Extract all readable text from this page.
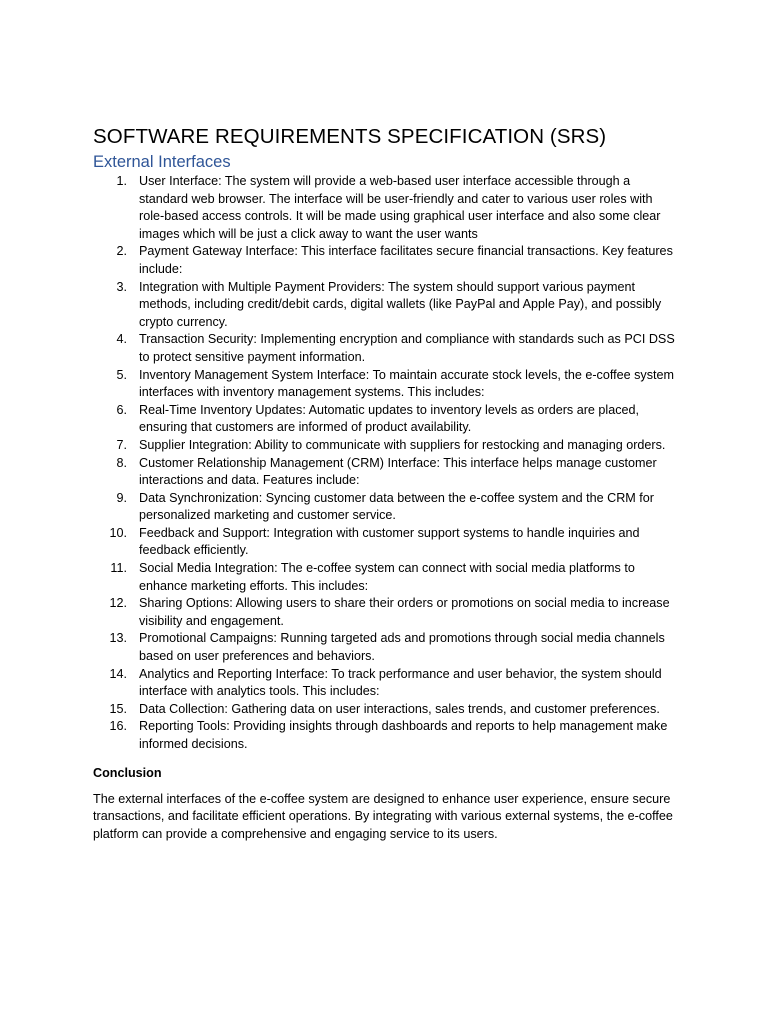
SOFTWARE REQUIREMENTS SPECIFICATION (SRS)
External Interfaces
1. User Interface: The system will provide a web-based user interface accessible through a standard web browser. The interface will be user-friendly and cater to various user roles with role-based access controls. It will be made using graphical user interface and also some clear images which will be just a click away to want the user wants
2. Payment Gateway Interface: This interface facilitates secure financial transactions. Key features include:
3. Integration with Multiple Payment Providers: The system should support various payment methods, including credit/debit cards, digital wallets (like PayPal and Apple Pay), and possibly crypto currency.
4. Transaction Security: Implementing encryption and compliance with standards such as PCI DSS to protect sensitive payment information.
5. Inventory Management System Interface: To maintain accurate stock levels, the e-coffee system interfaces with inventory management systems. This includes:
6. Real-Time Inventory Updates: Automatic updates to inventory levels as orders are placed, ensuring that customers are informed of product availability.
7. Supplier Integration: Ability to communicate with suppliers for restocking and managing orders.
8. Customer Relationship Management (CRM) Interface: This interface helps manage customer interactions and data. Features include:
9. Data Synchronization: Syncing customer data between the e-coffee system and the CRM for personalized marketing and customer service.
10. Feedback and Support: Integration with customer support systems to handle inquiries and feedback efficiently.
11. Social Media Integration: The e-coffee system can connect with social media platforms to enhance marketing efforts. This includes:
12. Sharing Options: Allowing users to share their orders or promotions on social media to increase visibility and engagement.
13. Promotional Campaigns: Running targeted ads and promotions through social media channels based on user preferences and behaviors.
14. Analytics and Reporting Interface: To track performance and user behavior, the system should interface with analytics tools. This includes:
15. Data Collection: Gathering data on user interactions, sales trends, and customer preferences.
16. Reporting Tools: Providing insights through dashboards and reports to help management make informed decisions.

Conclusion

The external interfaces of the e-coffee system are designed to enhance user experience, ensure secure transactions, and facilitate efficient operations. By integrating with various external systems, the e-coffee platform can provide a comprehensive and engaging service to its users.
